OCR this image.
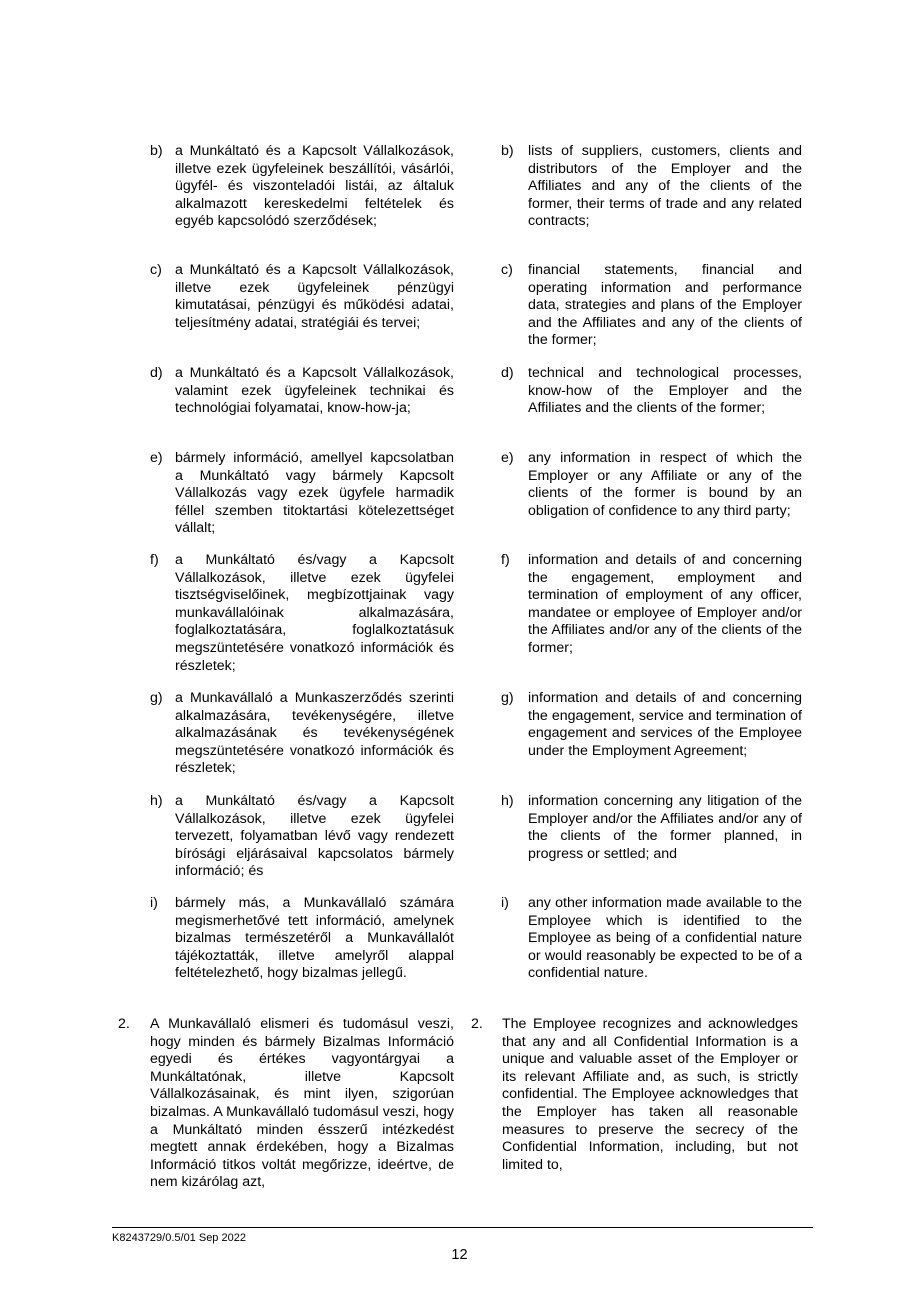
b) a Munkáltató és a Kapcsolt Vállalkozások, illetve ezek ügyfeleinek beszállítói, vásárlói, ügyfél- és viszonteladói listái, az általuk alkalmazott kereskedelmi feltételek és egyéb kapcsolódó szerződések;
c) a Munkáltató és a Kapcsolt Vállalkozások, illetve ezek ügyfeleinek pénzügyi kimutatásai, pénzügyi és működési adatai, teljesítmény adatai, stratégiái és tervei;
d) a Munkáltató és a Kapcsolt Vállalkozások, valamint ezek ügyfeleinek technikai és technológiai folyamatai, know-how-ja;
e) bármely információ, amellyel kapcsolatban a Munkáltató vagy bármely Kapcsolt Vállalkozás vagy ezek ügyfele harmadik féllel szemben titoktartási kötelezettséget vállalt;
f) a Munkáltató és/vagy a Kapcsolt Vállalkozások, illetve ezek ügyfelei tisztségviselőinek, megbízottjainak vagy munkavállalóinak alkalmazására, foglalkoztatására, foglalkoztatásuk megszüntetésére vonatkozó információk és részletek;
g) a Munkavállaló a Munkaszerződés szerinti alkalmazására, tevékenységére, illetve alkalmazásának és tevékenységének megszüntetésére vonatkozó információk és részletek;
h) a Munkáltató és/vagy a Kapcsolt Vállalkozások, illetve ezek ügyfelei tervezett, folyamatban lévő vagy rendezett bírósági eljárásaival kapcsolatos bármely információ; és
i) bármely más, a Munkavállaló számára megismerhetővé tett információ, amelynek bizalmas természetéről a Munkavállalót tájékoztatták, illetve amelyről alappal feltételezhető, hogy bizalmas jellegű.
b) lists of suppliers, customers, clients and distributors of the Employer and the Affiliates and any of the clients of the former, their terms of trade and any related contracts;
c) financial statements, financial and operating information and performance data, strategies and plans of the Employer and the Affiliates and any of the clients of the former;
d) technical and technological processes, know-how of the Employer and the Affiliates and the clients of the former;
e) any information in respect of which the Employer or any Affiliate or any of the clients of the former is bound by an obligation of confidence to any third party;
f) information and details of and concerning the engagement, employment and termination of employment of any officer, mandatee or employee of Employer and/or the Affiliates and/or any of the clients of the former;
g) information and details of and concerning the engagement, service and termination of engagement and services of the Employee under the Employment Agreement;
h) information concerning any litigation of the Employer and/or the Affiliates and/or any of the clients of the former planned, in progress or settled; and
i) any other information made available to the Employee which is identified to the Employee as being of a confidential nature or would reasonably be expected to be of a confidential nature.
2. A Munkavállaló elismeri és tudomásul veszi, hogy minden és bármely Bizalmas Információ egyedi és értékes vagyontárgyai a Munkáltatónak, illetve Kapcsolt Vállalkozásainak, és mint ilyen, szigorúan bizalmas. A Munkavállaló tudomásul veszi, hogy a Munkáltató minden ésszerű intézkedést megtett annak érdekében, hogy a Bizalmas Információ titkos voltát megőrizze, ideértve, de nem kizárólag azt,
2. The Employee recognizes and acknowledges that any and all Confidential Information is a unique and valuable asset of the Employer or its relevant Affiliate and, as such, is strictly confidential. The Employee acknowledges that the Employer has taken all reasonable measures to preserve the secrecy of the Confidential Information, including, but not limited to,
K8243729/0.5/01 Sep 2022
12
